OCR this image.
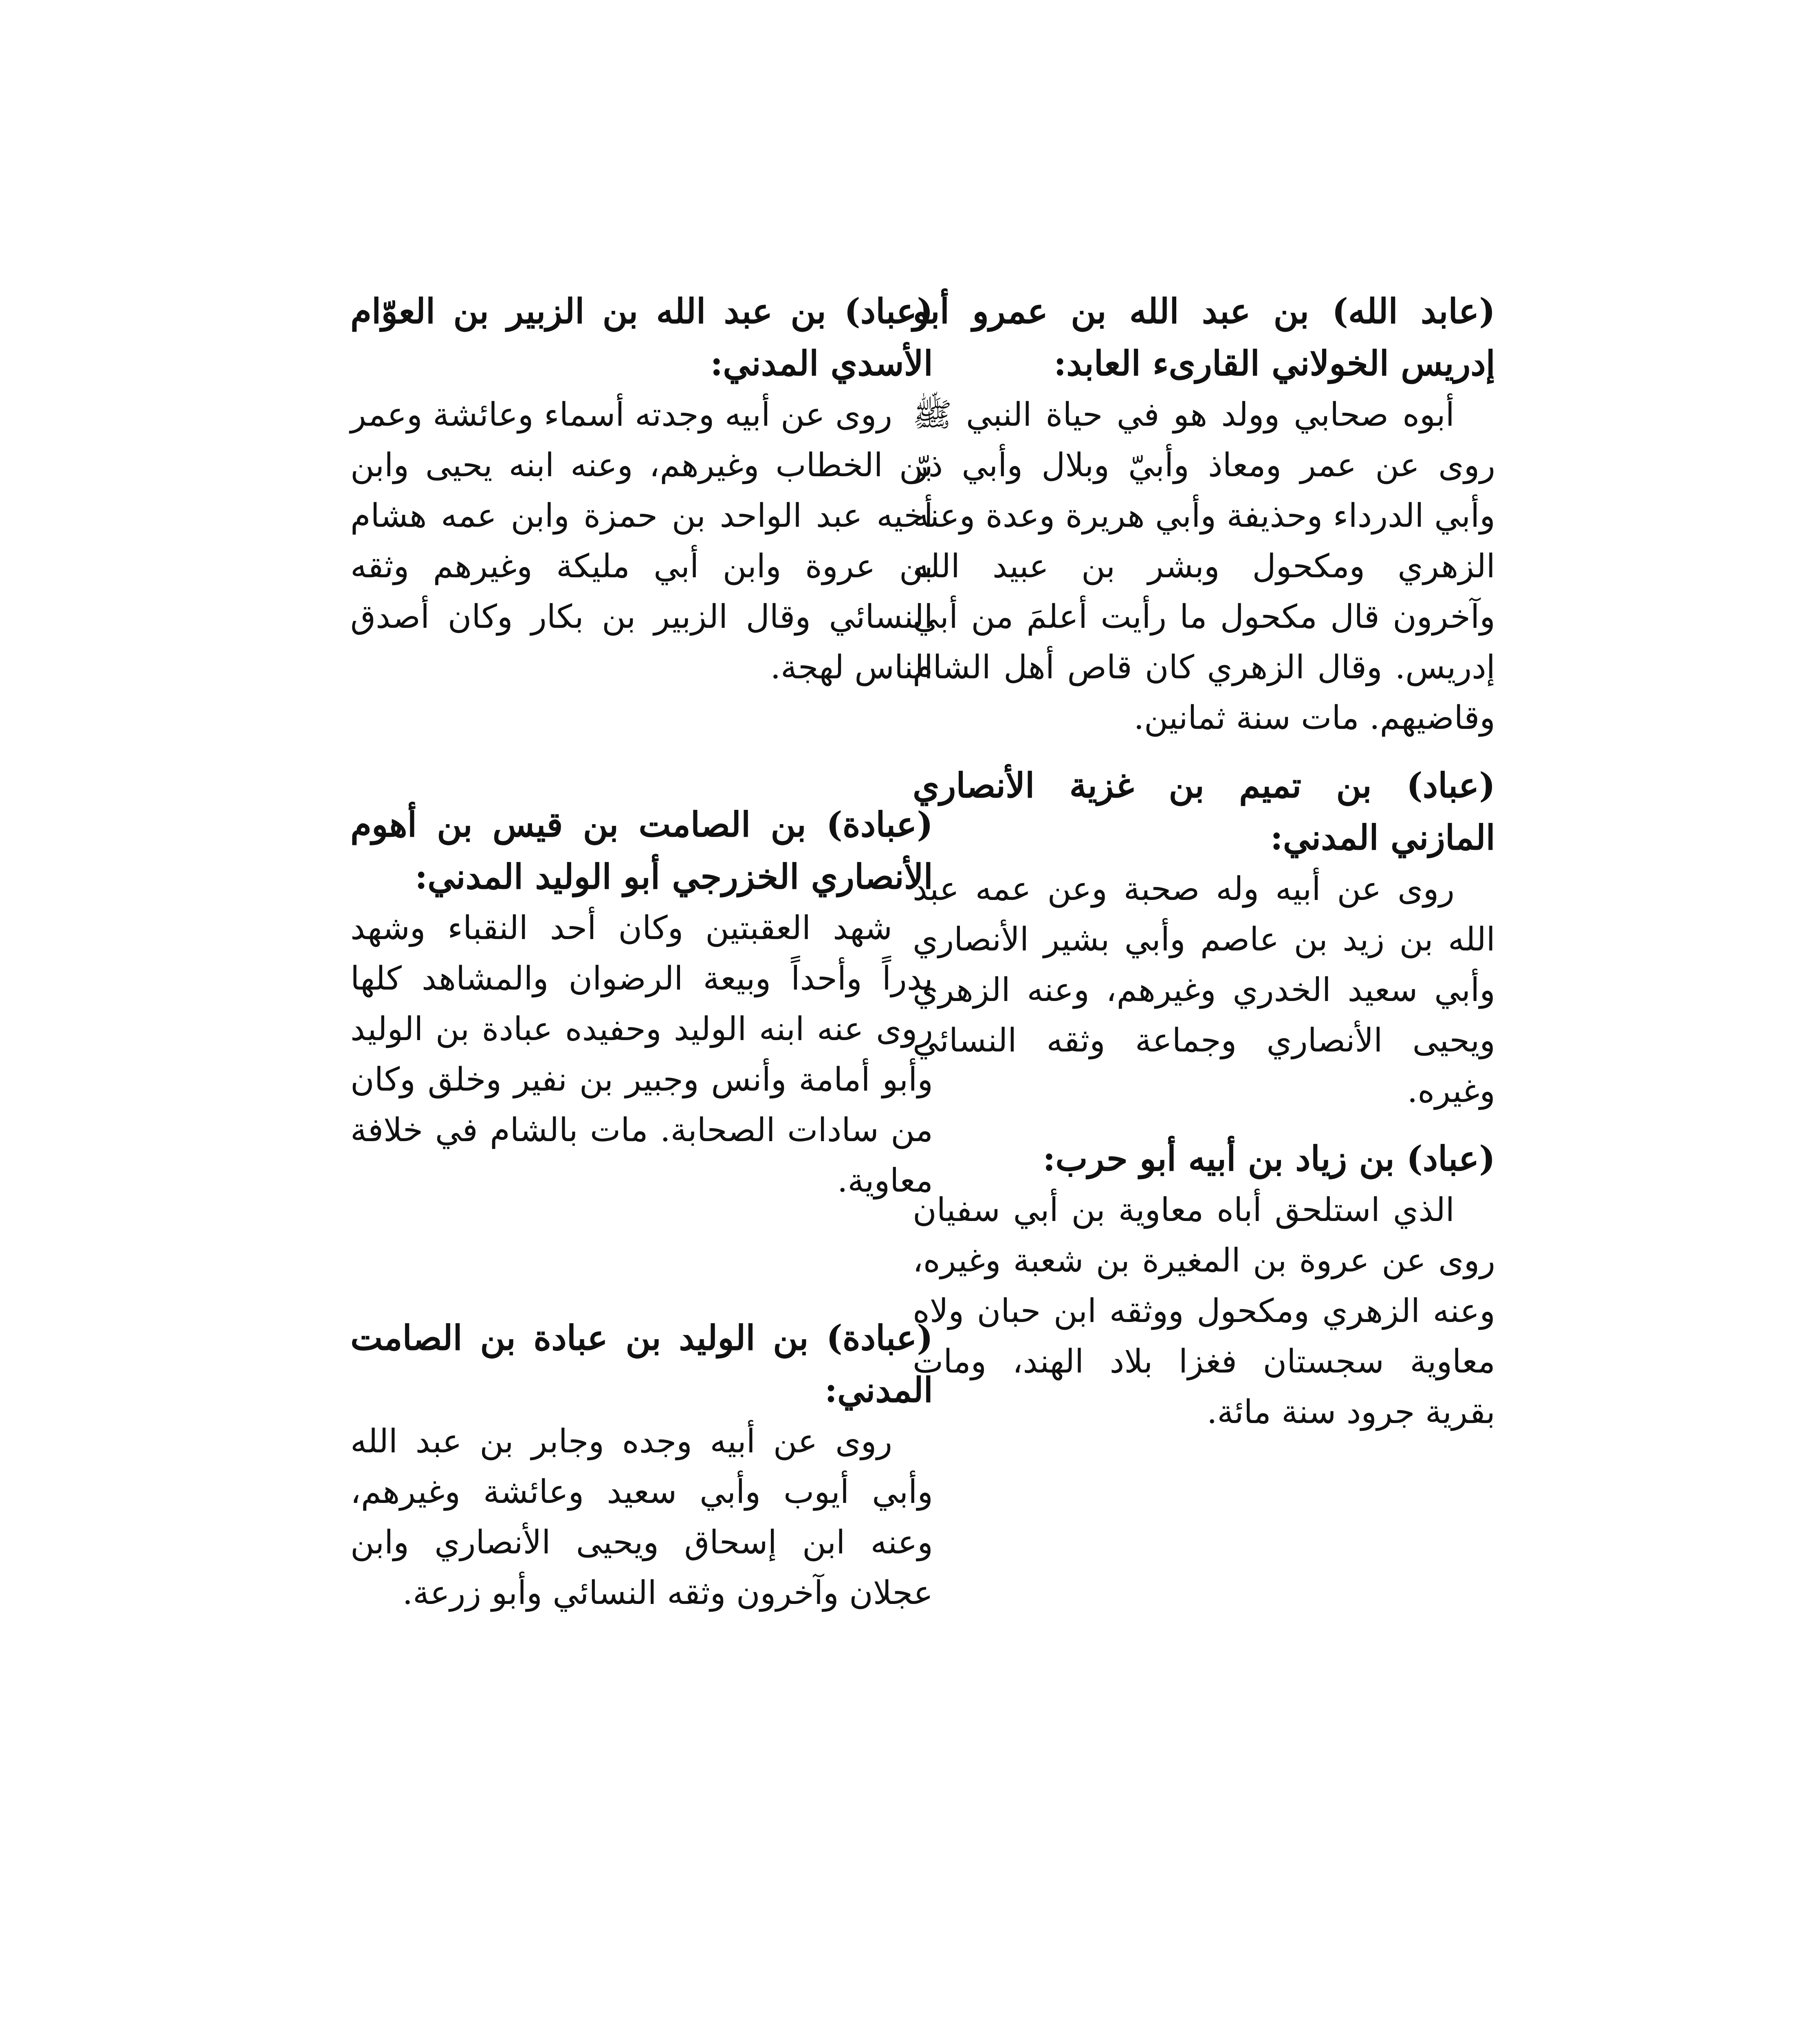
(عابد الله) بن عبد الله بن عمرو أبو إدريس الخولاني القارىء العابد:

أبوه صحابي وولد هو في حياة النبي ﷺ روى عن عمر ومعاذ وأبيّ وبلال وأبي ذرّ وأبي الدرداء وحذيفة وأبي هريرة وعدة وعنه الزهري ومكحول وبشر بن عبيد الله وآخرون قال مكحول ما رأيت أعلمَ من أبي إدريس. وقال الزهري كان قاص أهل الشام وقاضيهم. مات سنة ثمانين.

(عباد) بن تميم بن غزية الأنصاري المازني المدني:

روى عن أبيه وله صحبة وعن عمه عبد الله بن زيد بن عاصم وأبي بشير الأنصاري وأبي سعيد الخدري وغيرهم، وعنه الزهري ويحيى الأنصاري وجماعة وثقه النسائي وغيره.

(عباد) بن زياد بن أبيه أبو حرب:

الذي استلحق أباه معاوية بن أبي سفيان روى عن عروة بن المغيرة بن شعبة وغيره، وعنه الزهري ومكحول ووثقه ابن حبان ولاه معاوية سجستان فغزا بلاد الهند، ومات بقرية جرود سنة مائة.

(عباد) بن عبد الله بن الزبير بن العوّام الأسدي المدني:

روى عن أبيه وجدته أسماء وعائشة وعمر بن الخطاب وغيرهم، وعنه ابنه يحيى وابن أخيه عبد الواحد بن حمزة وابن عمه هشام بن عروة وابن أبي مليكة وغيرهم وثقه النسائي وقال الزبير بن بكار وكان أصدق الناس لهجة.

(عبادة) بن الصامت بن قيس بن أهوم الأنصاري الخزرجي أبو الوليد المدني:

شهد العقبتين وكان أحد النقباء وشهد بدراً وأحداً وبيعة الرضوان والمشاهد كلها روى عنه ابنه الوليد وحفيده عبادة بن الوليد وأبو أمامة وأنس وجبير بن نفير وخلق وكان من سادات الصحابة. مات بالشام في خلافة معاوية.

(عبادة) بن الوليد بن عبادة بن الصامت المدني:

روى عن أبيه وجده وجابر بن عبد الله وأبي أيوب وأبي سعيد وعائشة وغيرهم، وعنه ابن إسحاق ويحيى الأنصاري وابن عجلان وآخرون وثقه النسائي وأبو زرعة.
